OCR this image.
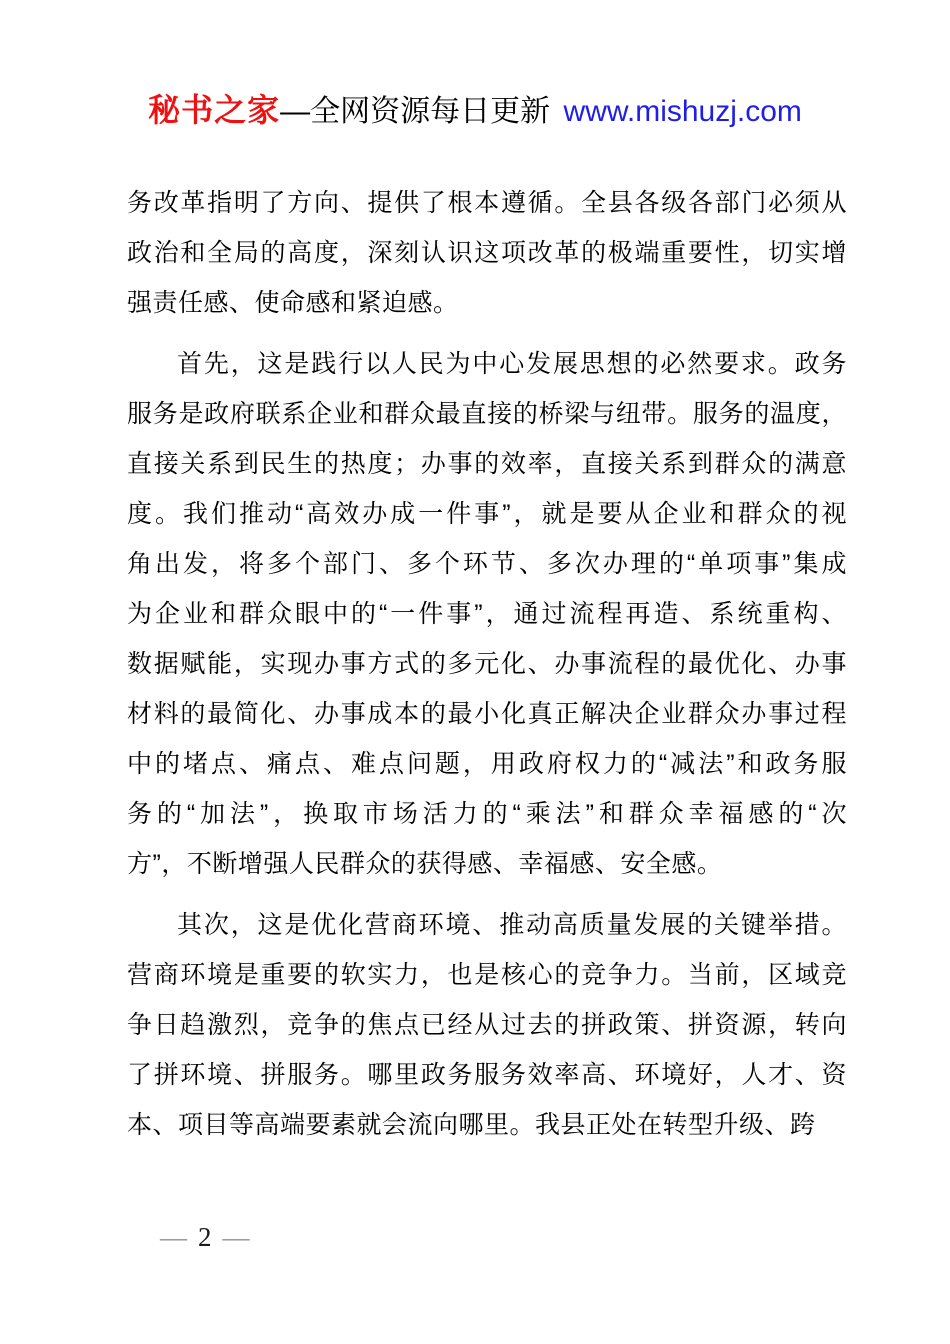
秘书之家—全网资源每日更新 www.mishuzj.com
务改革指明了方向、提供了根本遵循。全县各级各部门必须从
政治和全局的高度，深刻认识这项改革的极端重要性，切实增
强责任感、使命感和紧迫感。
首先，这是践行以人民为中心发展思想的必然要求。政务
服务是政府联系企业和群众最直接的桥梁与纽带。服务的温度，
直接关系到民生的热度；办事的效率，直接关系到群众的满意
度。我们推动“高效办成一件事”，就是要从企业和群众的视
角出发，将多个部门、多个环节、多次办理的“单项事”集成
为企业和群众眼中的“一件事”，通过流程再造、系统重构、
数据赋能，实现办事方式的多元化、办事流程的最优化、办事
材料的最简化、办事成本的最小化真正解决企业群众办事过程
中的堵点、痛点、难点问题，用政府权力的“减法”和政务服
务的“加法”，换取市场活力的“乘法”和群众幸福感的“次
方”，不断增强人民群众的获得感、幸福感、安全感。
其次，这是优化营商环境、推动高质量发展的关键举措。
营商环境是重要的软实力，也是核心的竞争力。当前，区域竞
争日趋激烈，竞争的焦点已经从过去的拼政策、拼资源，转向
了拼环境、拼服务。哪里政务服务效率高、环境好，人才、资
本、项目等高端要素就会流向哪里。我县正处在转型升级、跨
— 2 —
